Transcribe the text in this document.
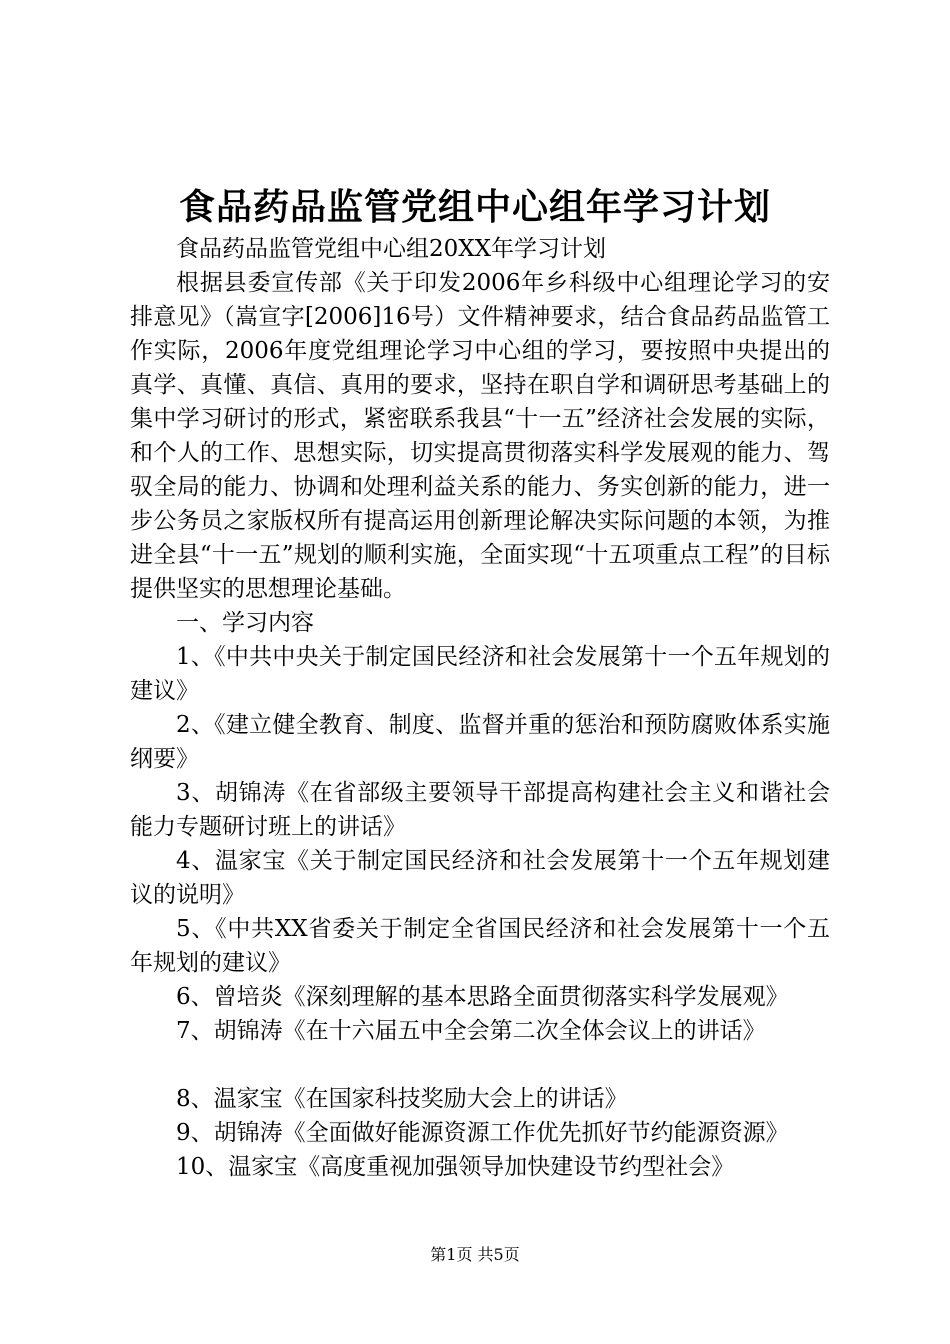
食品药品监管党组中心组年学习计划

食品药品监管党组中心组20XX年学习计划

根据县委宣传部《关于印发2006年乡科级中心组理论学习的安排意见》（嵩宣字[2006]16号）文件精神要求，结合食品药品监管工作实际，2006年度党组理论学习中心组的学习，要按照中央提出的真学、真懂、真信、真用的要求，坚持在职自学和调研思考基础上的集中学习研讨的形式，紧密联系我县“十一五”经济社会发展的实际，和个人的工作、思想实际，切实提高贯彻落实科学发展观的能力、驾驭全局的能力、协调和处理利益关系的能力、务实创新的能力，进一步公务员之家版权所有提高运用创新理论解决实际问题的本领，为推进全县“十一五”规划的顺利实施，全面实现“十五项重点工程”的目标提供坚实的思想理论基础。

一、学习内容

1、《中共中央关于制定国民经济和社会发展第十一个五年规划的建议》

2、《建立健全教育、制度、监督并重的惩治和预防腐败体系实施纲要》

3、胡锦涛《在省部级主要领导干部提高构建社会主义和谐社会能力专题研讨班上的讲话》

4、温家宝《关于制定国民经济和社会发展第十一个五年规划建议的说明》

5、《中共XX省委关于制定全省国民经济和社会发展第十一个五年规划的建议》

6、曾培炎《深刻理解的基本思路全面贯彻落实科学发展观》

7、胡锦涛《在十六届五中全会第二次全体会议上的讲话》

8、温家宝《在国家科技奖励大会上的讲话》

9、胡锦涛《全面做好能源资源工作优先抓好节约能源资源》

10、温家宝《高度重视加强领导加快建设节约型社会》

第1页 共5页
